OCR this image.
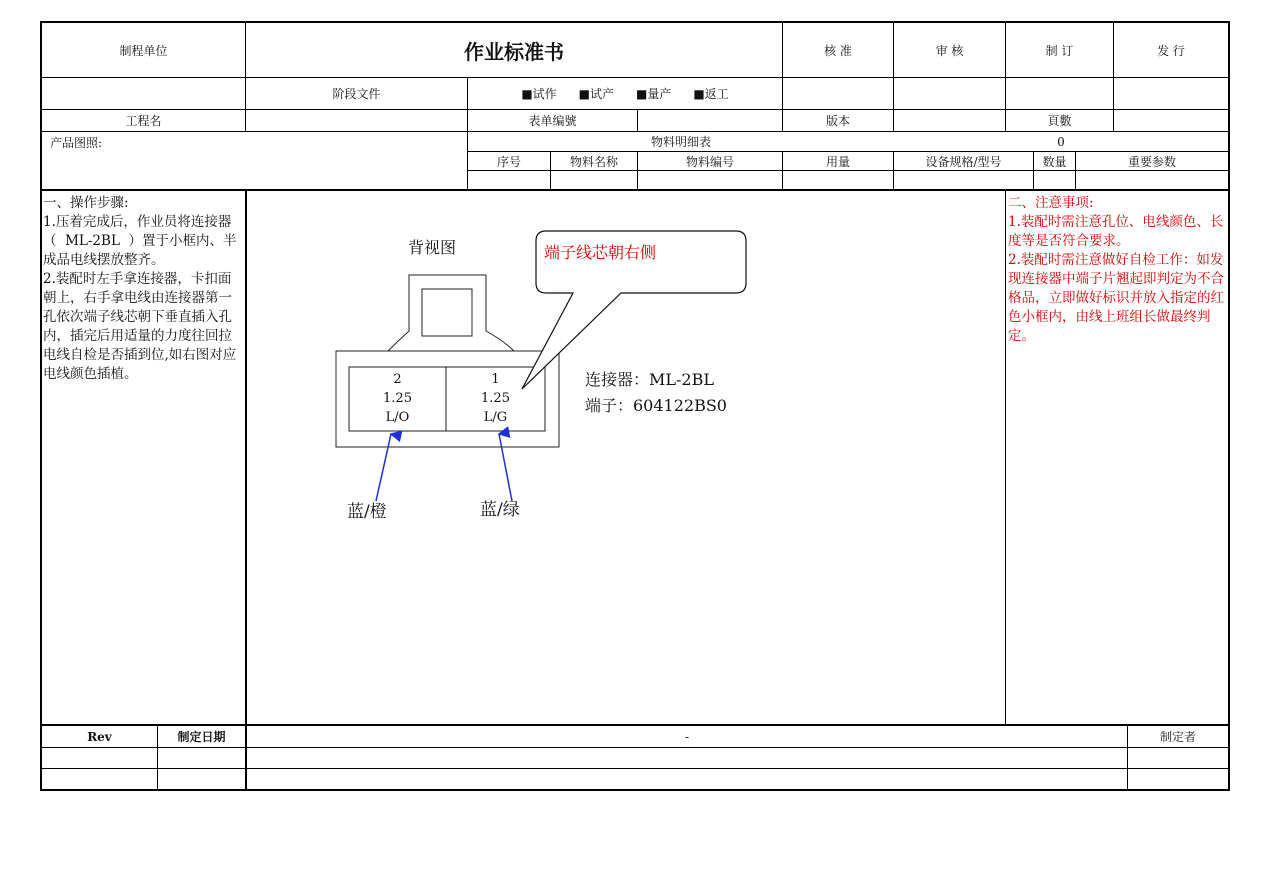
制程单位	作业标准书	核 准	审 核	制 订	发 行
阶段文件	■试作 ■试产 ■量产 ■返工
工程名	表单编號	版本	頁數
产品图照:	物料明细表	0
序号	物料名称	物料编号	用量	设备规格/型号	数量	重要参数
一、操作步骤:
1.压着完成后，作业员将连接器（  ML-2BL  ）置于小框内、半成品电线摆放整齐。
2.装配时左手拿连接器，卡扣面朝上，右手拿电线由连接器第一孔依次端子线芯朝下垂直插入孔内，插完后用适量的力度往回拉电线自检是否插到位,如右图对应电线颜色插植。
二、注意事项:
1.装配时需注意孔位、电线颜色、长度等是否符合要求。
2.装配时需注意做好自检工作：如发现连接器中端子片翘起即判定为不合格品，立即做好标识并放入指定的红色小框内，由线上班组长做最终判定。
背视图	端子线芯朝右侧
2
1.25
L/O
1
1.25
L/G
连接器：ML-2BL
端子：604122BS0
蓝/橙	蓝/绿
Rev	制定日期	-	制定者
